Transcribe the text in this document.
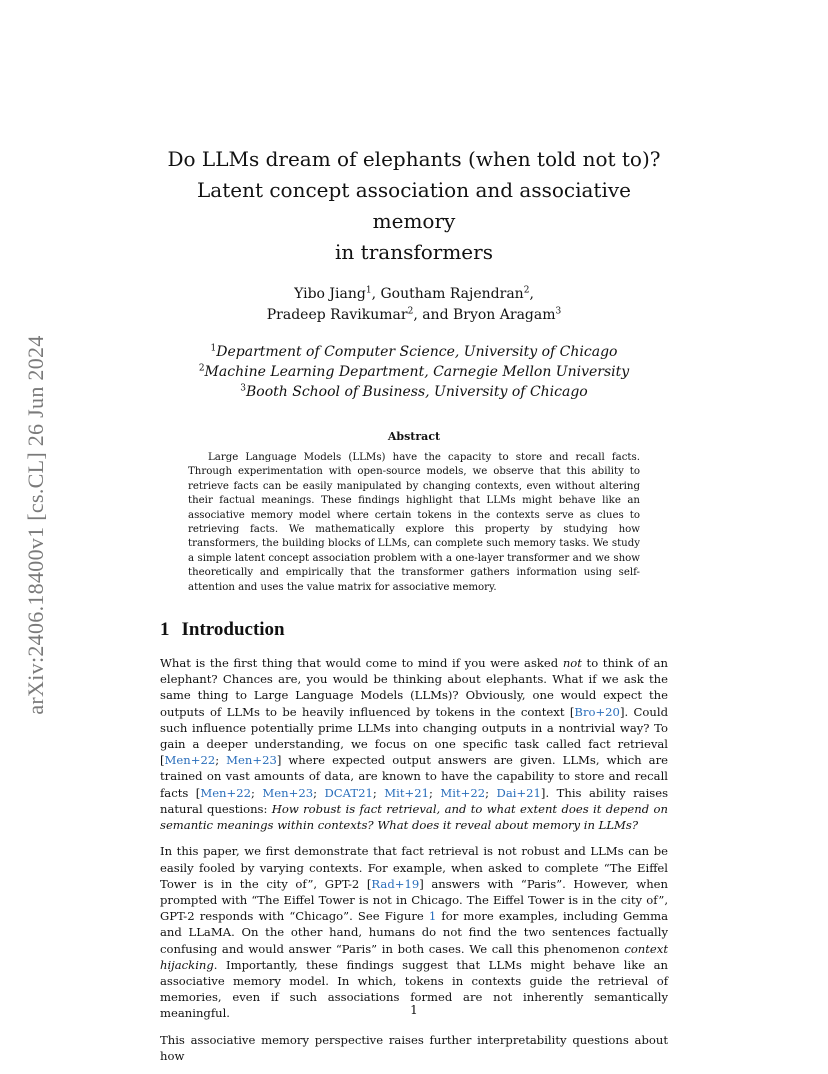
arXiv:2406.18400v1 [cs.CL] 26 Jun 2024
Do LLMs dream of elephants (when told not to)?
Latent concept association and associative memory
in transformers
Yibo Jiang$^1$, Goutham Rajendran$^2$,
Pradeep Ravikumar$^2$, and Bryon Aragam$^3$
$^1$Department of Computer Science, University of Chicago
$^2$Machine Learning Department, Carnegie Mellon University
$^3$Booth School of Business, University of Chicago
Abstract

Large Language Models (LLMs) have the capacity to store and recall facts. Through experimentation with open-source models, we observe that this ability to retrieve facts can be easily manipulated by changing contexts, even without altering their factual meanings. These findings highlight that LLMs might behave like an associative memory model where certain tokens in the contexts serve as clues to retrieving facts. We mathematically explore this property by studying how transformers, the building blocks of LLMs, can complete such memory tasks. We study a simple latent concept association problem with a one-layer transformer and we show theoretically and empirically that the transformer gathers information using self-attention and uses the value matrix for associative memory.

1 Introduction

What is the first thing that would come to mind if you were asked not to think of an elephant? Chances are, you would be thinking about elephants. What if we ask the same thing to Large Language Models (LLMs)? Obviously, one would expect the outputs of LLMs to be heavily influenced by tokens in the context [Bro+20]. Could such influence potentially prime LLMs into changing outputs in a nontrivial way? To gain a deeper understanding, we focus on one specific task called fact retrieval [Men+22; Men+23] where expected output answers are given. LLMs, which are trained on vast amounts of data, are known to have the capability to store and recall facts [Men+22; Men+23; DCAT21; Mit+21; Mit+22; Dai+21]. This ability raises natural questions: How robust is fact retrieval, and to what extent does it depend on semantic meanings within contexts? What does it reveal about memory in LLMs?

In this paper, we first demonstrate that fact retrieval is not robust and LLMs can be easily fooled by varying contexts. For example, when asked to complete “The Eiffel Tower is in the city of”, GPT-2 [Rad+19] answers with “Paris”. However, when prompted with “The Eiffel Tower is not in Chicago. The Eiffel Tower is in the city of”, GPT-2 responds with “Chicago”. See Figure 1 for more examples, including Gemma and LLaMA. On the other hand, humans do not find the two sentences factually confusing and would answer “Paris” in both cases. We call this phenomenon context hijacking. Importantly, these findings suggest that LLMs might behave like an associative memory model. In which, tokens in contexts guide the retrieval of memories, even if such associations formed are not inherently semantically meaningful.

This associative memory perspective raises further interpretability questions about how

1
